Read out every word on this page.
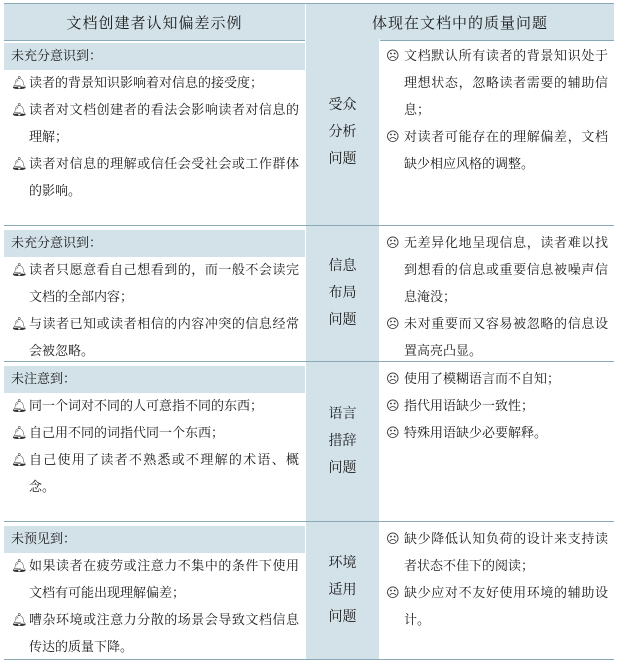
文档创建者认知偏差示例	体现在文档中的质量问题
未充分意识到：
🔔︎ 读者的背景知识影响着对信息的接受度；
🔔︎ 读者对文档创建者的看法会影响读者对信息的理解；
🔔︎ 读者对信息的理解或信任会受社会或工作群体的影响。
受众分析问题
☹ 文档默认所有读者的背景知识处于理想状态，忽略读者需要的辅助信息；
☹ 对读者可能存在的理解偏差，文档缺少相应风格的调整。
未充分意识到：
🔔︎ 读者只愿意看自己想看到的，而一般不会读完文档的全部内容；
🔔︎ 与读者已知或读者相信的内容冲突的信息经常会被忽略。
信息布局问题
☹ 无差异化地呈现信息，读者难以找到想看的信息或重要信息被噪声信息淹没；
☹ 未对重要而又容易被忽略的信息设置高亮凸显。
未注意到：
🔔︎ 同一个词对不同的人可意指不同的东西；
🔔︎ 自己用不同的词指代同一个东西；
🔔︎ 自己使用了读者不熟悉或不理解的术语、概念。
语言措辞问题
☹ 使用了模糊语言而不自知；
☹ 指代用语缺少一致性；
☹ 特殊用语缺少必要解释。
未预见到：
🔔︎ 如果读者在疲劳或注意力不集中的条件下使用文档有可能出现理解偏差；
🔔︎ 嘈杂环境或注意力分散的场景会导致文档信息传达的质量下降。
环境适用问题
☹ 缺少降低认知负荷的设计来支持读者状态不佳下的阅读；
☹ 缺少应对不友好使用环境的辅助设计。
